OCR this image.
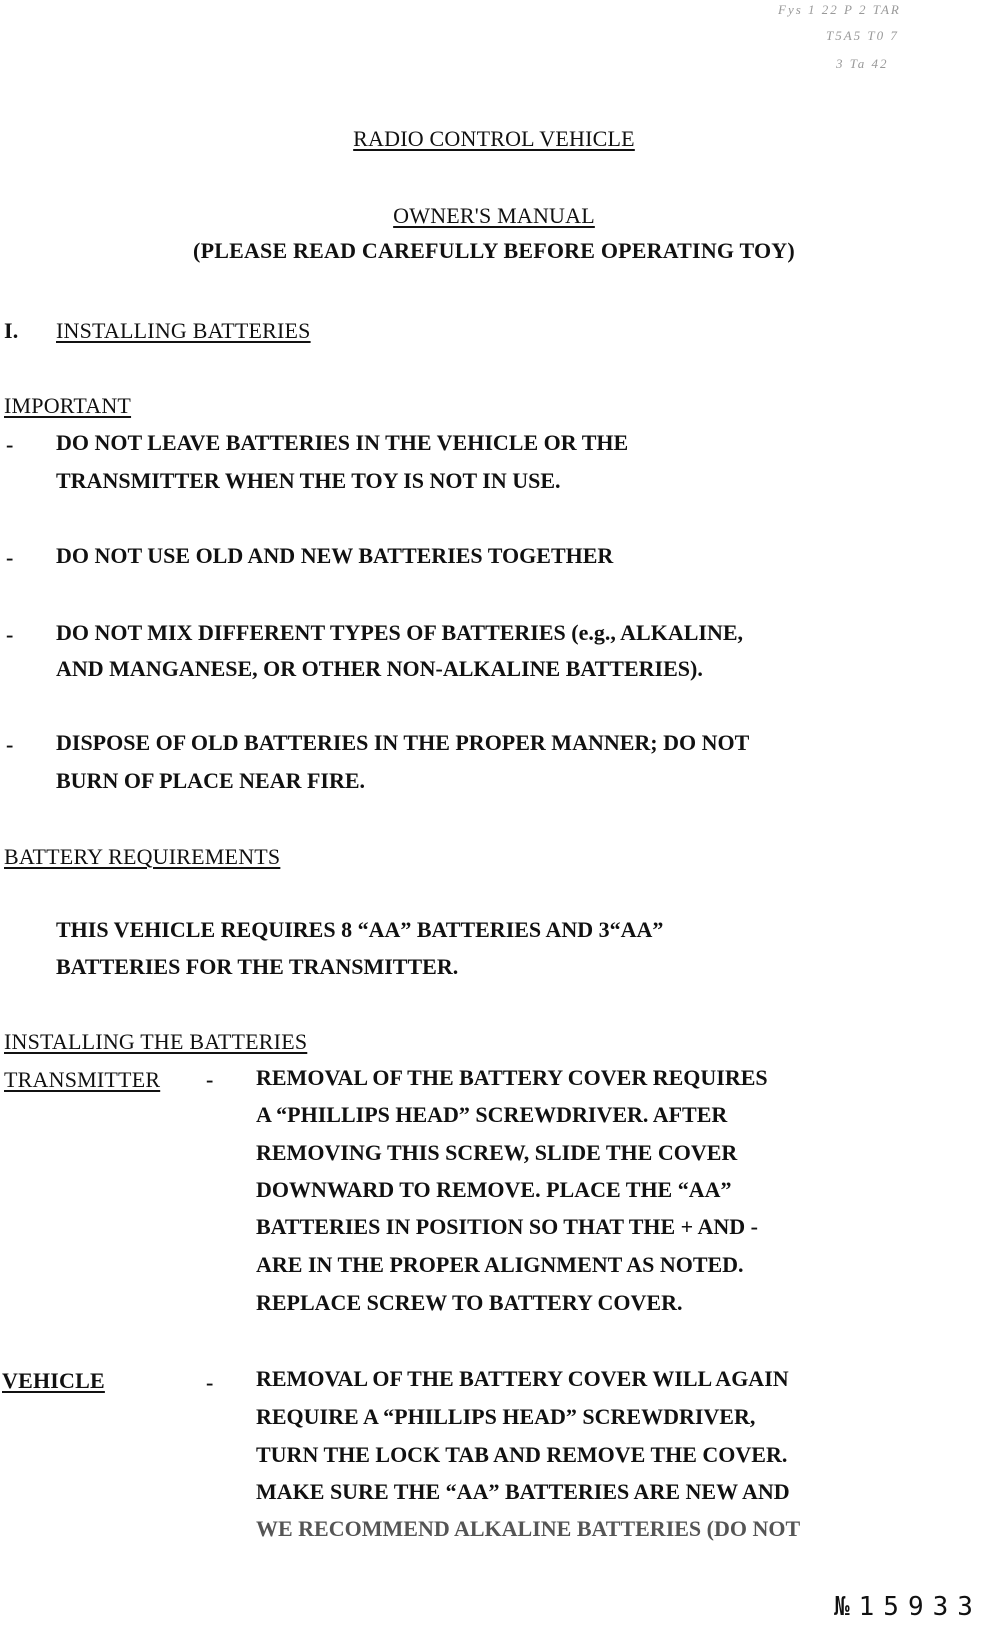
Fys 1 22 P 2 TAR
T5A5 T0 7
3 Ta 42
RADIO CONTROL VEHICLE
OWNER'S MANUAL
(PLEASE READ CAREFULLY BEFORE OPERATING TOY)
I. INSTALLING BATTERIES
IMPORTANT
- DO NOT LEAVE BATTERIES IN THE VEHICLE OR THE
TRANSMITTER WHEN THE TOY IS NOT IN USE.
- DO NOT USE OLD AND NEW BATTERIES TOGETHER
- DO NOT MIX DIFFERENT TYPES OF BATTERIES (e.g., ALKALINE,
AND MANGANESE, OR OTHER NON-ALKALINE BATTERIES).
- DISPOSE OF OLD BATTERIES IN THE PROPER MANNER; DO NOT
BURN OF PLACE NEAR FIRE.
BATTERY REQUIREMENTS
THIS VEHICLE REQUIRES 8 “AA” BATTERIES AND 3“AA”
BATTERIES FOR THE TRANSMITTER.
INSTALLING THE BATTERIES
TRANSMITTER - REMOVAL OF THE BATTERY COVER REQUIRES
A “PHILLIPS HEAD” SCREWDRIVER. AFTER
REMOVING THIS SCREW, SLIDE THE COVER
DOWNWARD TO REMOVE. PLACE THE “AA”
BATTERIES IN POSITION SO THAT THE + AND -
ARE IN THE PROPER ALIGNMENT AS NOTED.
REPLACE SCREW TO BATTERY COVER.
VEHICLE	- REMOVAL OF THE BATTERY COVER WILL AGAIN
REQUIRE A “PHILLIPS HEAD” SCREWDRIVER,
TURN THE LOCK TAB AND REMOVE THE COVER.
MAKE SURE THE “AA” BATTERIES ARE NEW AND
WE RECOMMEND ALKALINE BATTERIES (DO NOT
№15933
